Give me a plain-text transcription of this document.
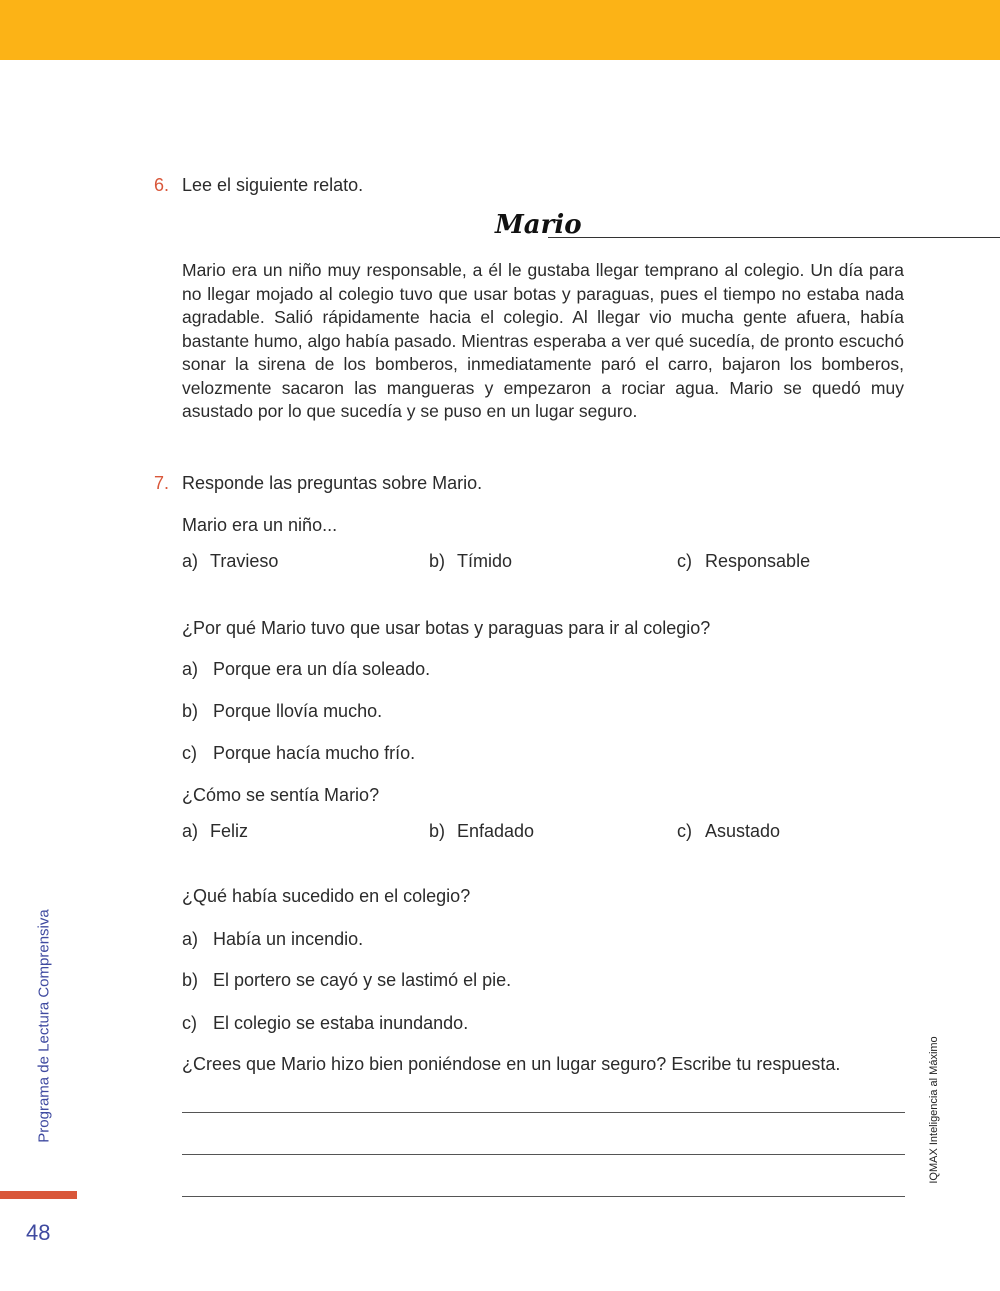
6. Lee el siguiente relato.
Mario
Mario era un niño muy responsable, a él le gustaba llegar temprano al colegio. Un día para no llegar mojado al colegio tuvo que usar botas y paraguas, pues el tiempo no estaba nada agradable. Salió rápidamente hacia el colegio. Al llegar vio mucha gente afuera, había bastante humo, algo había pasado. Mientras esperaba a ver qué sucedía, de pronto escuchó sonar la sirena de los bomberos, inmediatamente paró el carro, bajaron los bomberos, velozmente sacaron las mangueras y empezaron a rociar agua. Mario se quedó muy asustado por lo que sucedía y se puso en un lugar seguro.
7. Responde las preguntas sobre Mario.
Mario era un niño...
a) Travieso	b) Tímido	c) Responsable
¿Por qué Mario tuvo que usar botas y paraguas para ir al colegio?
a) Porque era un día soleado.
b) Porque llovía mucho.
c) Porque hacía mucho frío.
¿Cómo se sentía Mario?
a) Feliz	b) Enfadado	c) Asustado
¿Qué había sucedido en el colegio?
a) Había un incendio.
b) El portero se cayó y se lastimó el pie.
c) El colegio se estaba inundando.
¿Crees que Mario hizo bien poniéndose en un lugar seguro? Escribe tu respuesta.
Programa de Lectura Comprensiva	IQMAX Inteligencia al Máximo
48
